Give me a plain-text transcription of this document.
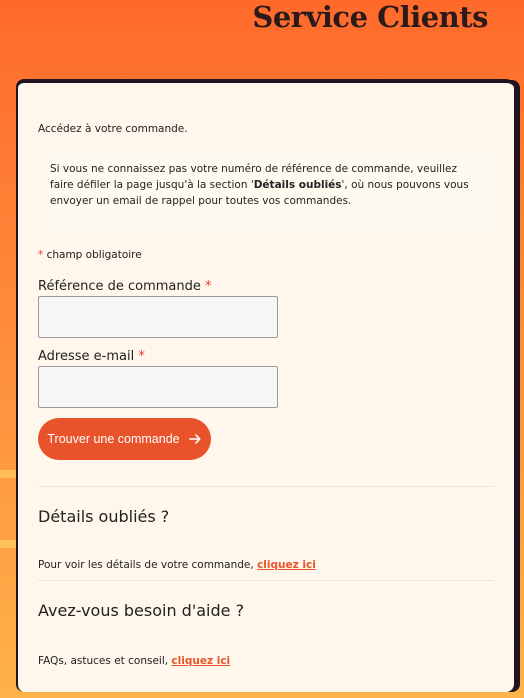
Service Clients
Accédez à votre commande.
Si vous ne connaissez pas votre numéro de référence de commande, veuillez faire défiler la page jusqu'à la section 'Détails oubliés', où nous pouvons vous envoyer un email de rappel pour toutes vos commandes.
* champ obligatoire
Référence de commande *
Adresse e-mail *
Trouver une commande
Détails oubliés ?
Pour voir les détails de votre commande, cliquez ici
Avez-vous besoin d'aide ?
FAQs, astuces et conseil, cliquez ici
